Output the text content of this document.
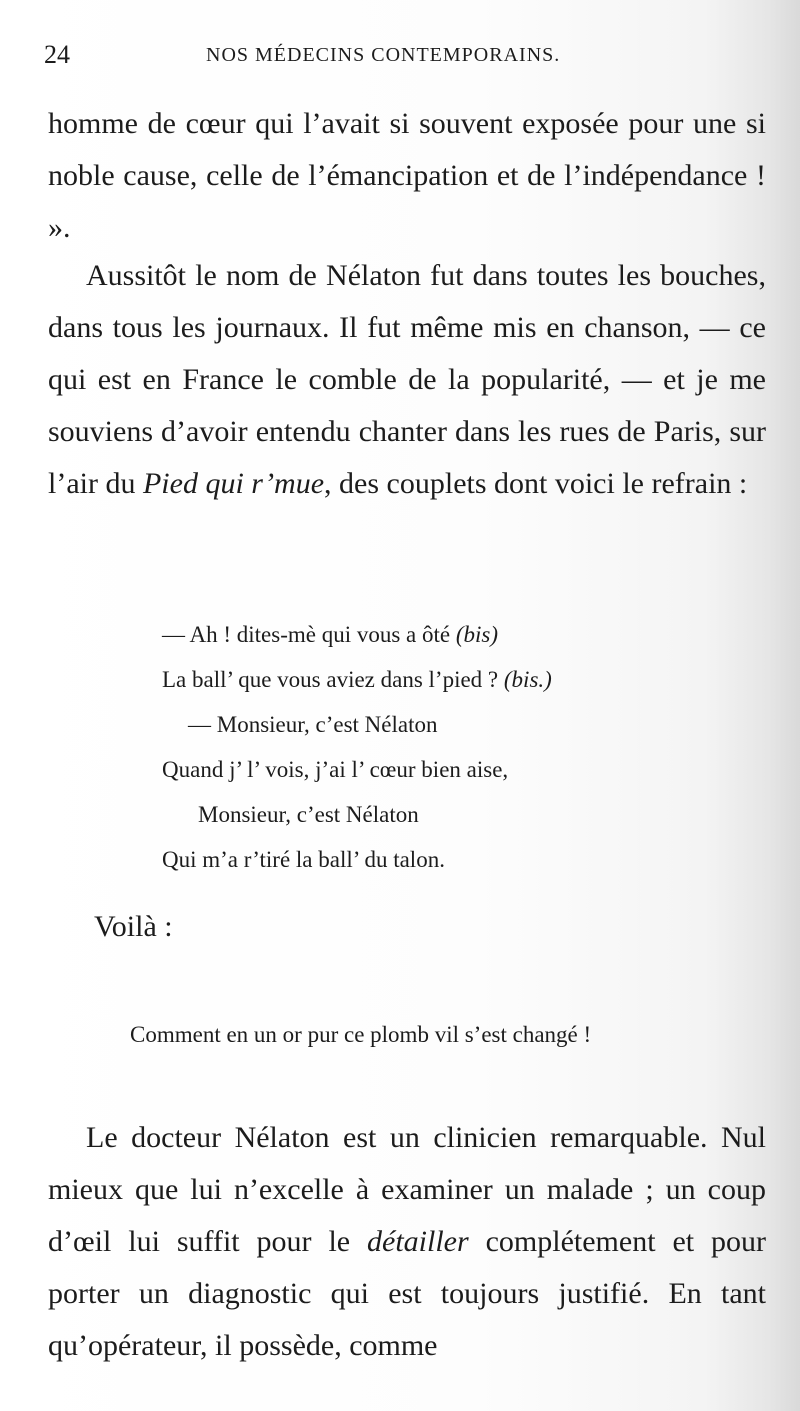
24	NOS MÉDECINS CONTEMPORAINS.

homme de cœur qui l’avait si souvent exposée pour une si noble cause, celle de l’émancipation et de l’indépendance ! ».

Aussitôt le nom de Nélaton fut dans toutes les bouches, dans tous les journaux. Il fut même mis en chanson, — ce qui est en France le comble de la popularité, — et je me souviens d’avoir entendu chanter dans les rues de Paris, sur l’air du Pied qui r’mue, des couplets dont voici le refrain :

— Ah ! dites-mè qui vous a ôté (bis)
La ball’ que vous aviez dans l’pied ? (bis.)
— Monsieur, c’est Nélaton
Quand j’ l’ vois, j’ai l’ cœur bien aise,
Monsieur, c’est Nélaton
Qui m’a r’tiré la ball’ du talon.
Voilà :
Comment en un or pur ce plomb vil s’est changé !

Le docteur Nélaton est un clinicien remarquable. Nul mieux que lui n’excelle à examiner un malade ; un coup d’œil lui suffit pour le détailler complétement et pour porter un diagnostic qui est toujours justifié. En tant qu’opérateur, il possède, comme
